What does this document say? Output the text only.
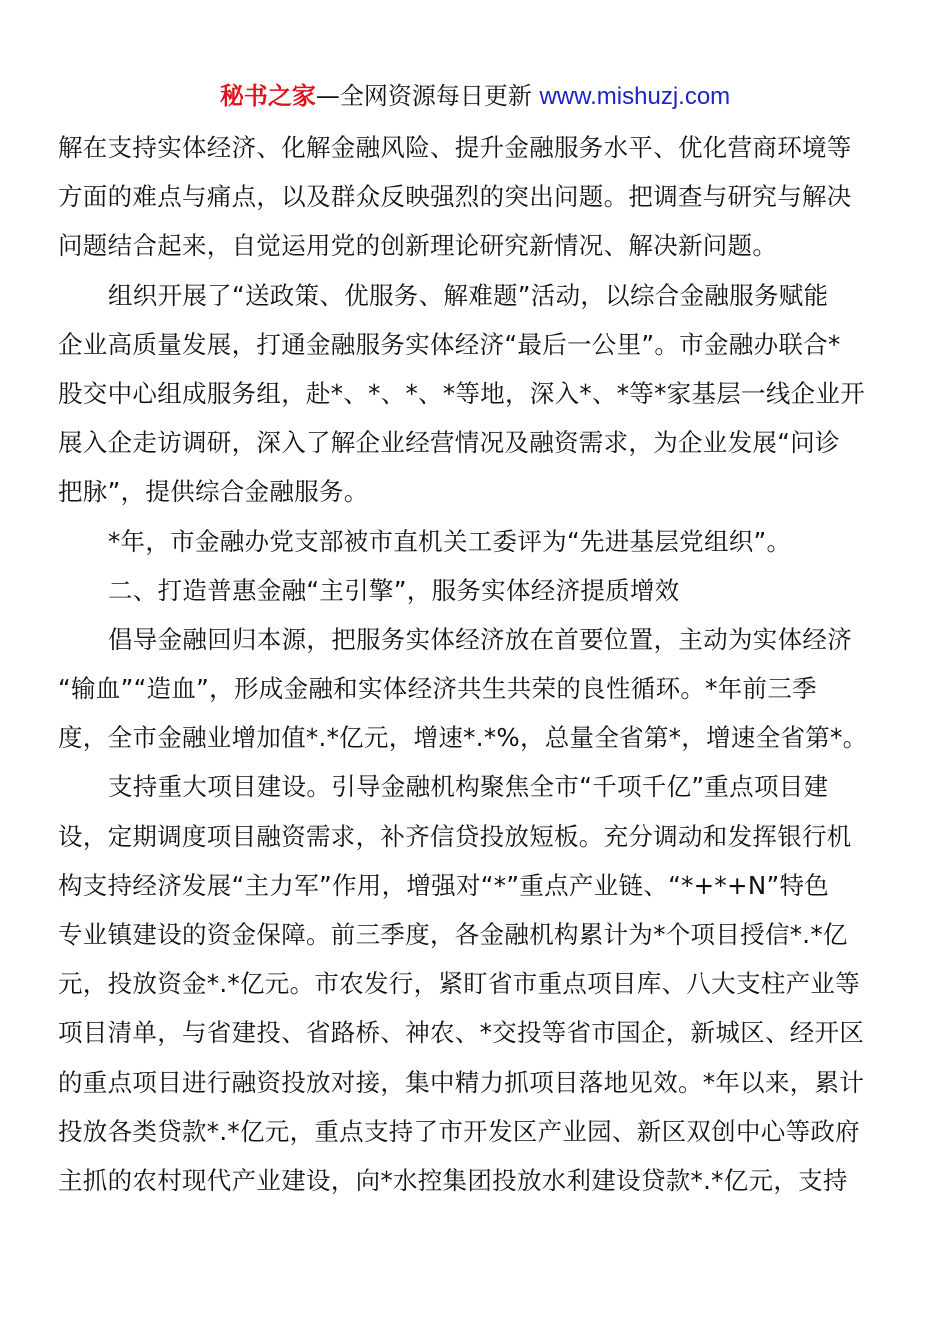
秘书之家—全网资源每日更新 www.mishuzj.com
解在支持实体经济、化解金融风险、提升金融服务水平、优化营商环境等
方面的难点与痛点，以及群众反映强烈的突出问题。把调查与研究与解决
问题结合起来，自觉运用党的创新理论研究新情况、解决新问题。
组织开展了“送政策、优服务、解难题”活动，以综合金融服务赋能
企业高质量发展，打通金融服务实体经济“最后一公里”。市金融办联合*
股交中心组成服务组，赴*、*、*、*等地，深入*、*等*家基层一线企业开
展入企走访调研，深入了解企业经营情况及融资需求，为企业发展“问诊
把脉”，提供综合金融服务。
*年，市金融办党支部被市直机关工委评为“先进基层党组织”。
二、打造普惠金融“主引擎”，服务实体经济提质增效
倡导金融回归本源，把服务实体经济放在首要位置，主动为实体经济
“输血”“造血”，形成金融和实体经济共生共荣的良性循环。*年前三季
度，全市金融业增加值*.*亿元，增速*.*%，总量全省第*，增速全省第*。
支持重大项目建设。引导金融机构聚焦全市“千项千亿”重点项目建
设，定期调度项目融资需求，补齐信贷投放短板。充分调动和发挥银行机
构支持经济发展“主力军”作用，增强对“*”重点产业链、“*+*+N”特色
专业镇建设的资金保障。前三季度，各金融机构累计为*个项目授信*.*亿
元，投放资金*.*亿元。市农发行，紧盯省市重点项目库、八大支柱产业等
项目清单，与省建投、省路桥、神农、*交投等省市国企，新城区、经开区
的重点项目进行融资投放对接，集中精力抓项目落地见效。*年以来，累计
投放各类贷款*.*亿元，重点支持了市开发区产业园、新区双创中心等政府
主抓的农村现代产业建设，向*水控集团投放水利建设贷款*.*亿元，支持
